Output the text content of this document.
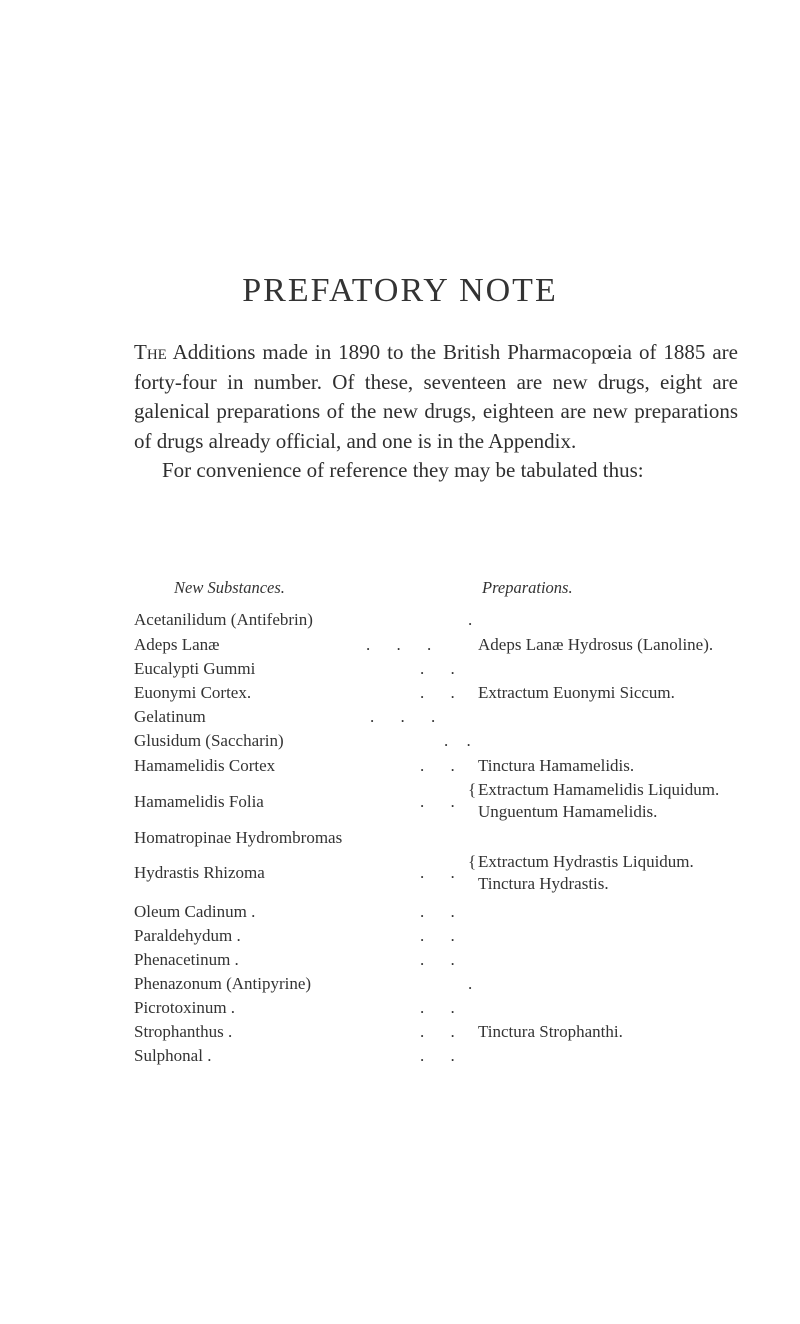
PREFATORY NOTE

The Additions made in 1890 to the British Pharmacopœia of 1885 are forty-four in number. Of these, seventeen are new drugs, eight are galenical preparations of the new drugs, eighteen are new preparations of drugs already official, and one is in the Appendix.

For convenience of reference they may be tabulated thus:

New Substances.	Preparations.
Acetanilidum (Antifebrin)	.
Adeps Lanæ	. . .	Adeps Lanæ Hydrosus (Lanoline).
Eucalypti Gummi	. .
Euonymi Cortex.	. . Extractum Euonymi Siccum.
Gelatinum	. . .
Glusidum (Saccharin)	. .
Hamamelidis Cortex	. . Tinctura Hamamelidis.
Hamamelidis Folia	. .
{ Extractum Hamamelidis Liquidum.
Unguentum Hamamelidis.
Homatropinae Hydrombromas
Hydrastis Rhizoma	. .
{ Extractum Hydrastis Liquidum.
Tinctura Hydrastis.
Oleum Cadinum .	. .
Paraldehydum .	. .
Phenacetinum .	. .
Phenazonum (Antipyrine)	.
Picrotoxinum .	. .
Strophanthus .	. . Tinctura Strophanthi.
Sulphonal .	. .
